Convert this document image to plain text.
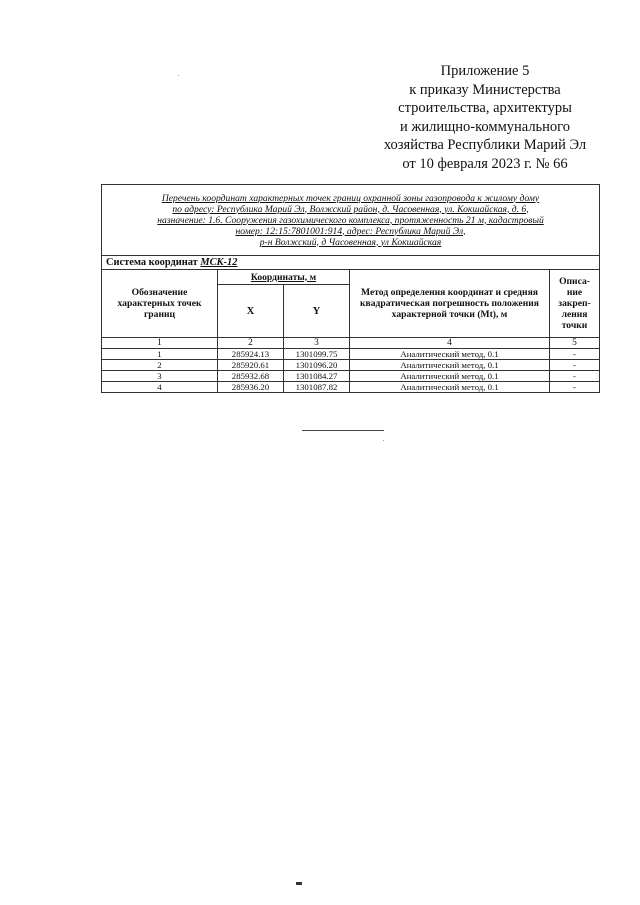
Приложение 5
к приказу Министерства
строительства, архитектуры
и жилищно-коммунального
хозяйства Республики Марий Эл
от 10 февраля 2023 г. № 66
Перечень координат характерных точек границ охранной зоны газопровода к жилому дому
по адресу: Республика Марий Эл, Волжский район, д. Часовенная, ул. Кокшайская, д. 6,
назначение: 1.6. Сооружения газохимического комплекса, протяженность 21 м, кадастровый
номер: 12:15:7801001:914, адрес: Республика Марий Эл,
р-н Волжский, д Часовенная, ул Кокшайская				

Система координат МСК-12				
Обозначение характерных точек границ	Координаты, м		Метод определения координат и средняя квадратическая погрешность положения характерной точки (Mt), м	Описа-ние закреп-ления точки
	X	Y		
1	2	3	4	5
1	285924.13	1301099.75	Аналитический метод, 0.1	-
2	285920.61	1301096.20	Аналитический метод, 0.1	-
3	285932.68	1301084.27	Аналитический метод, 0.1	-
4	285936.20	1301087.82	Аналитический метод, 0.1	-
